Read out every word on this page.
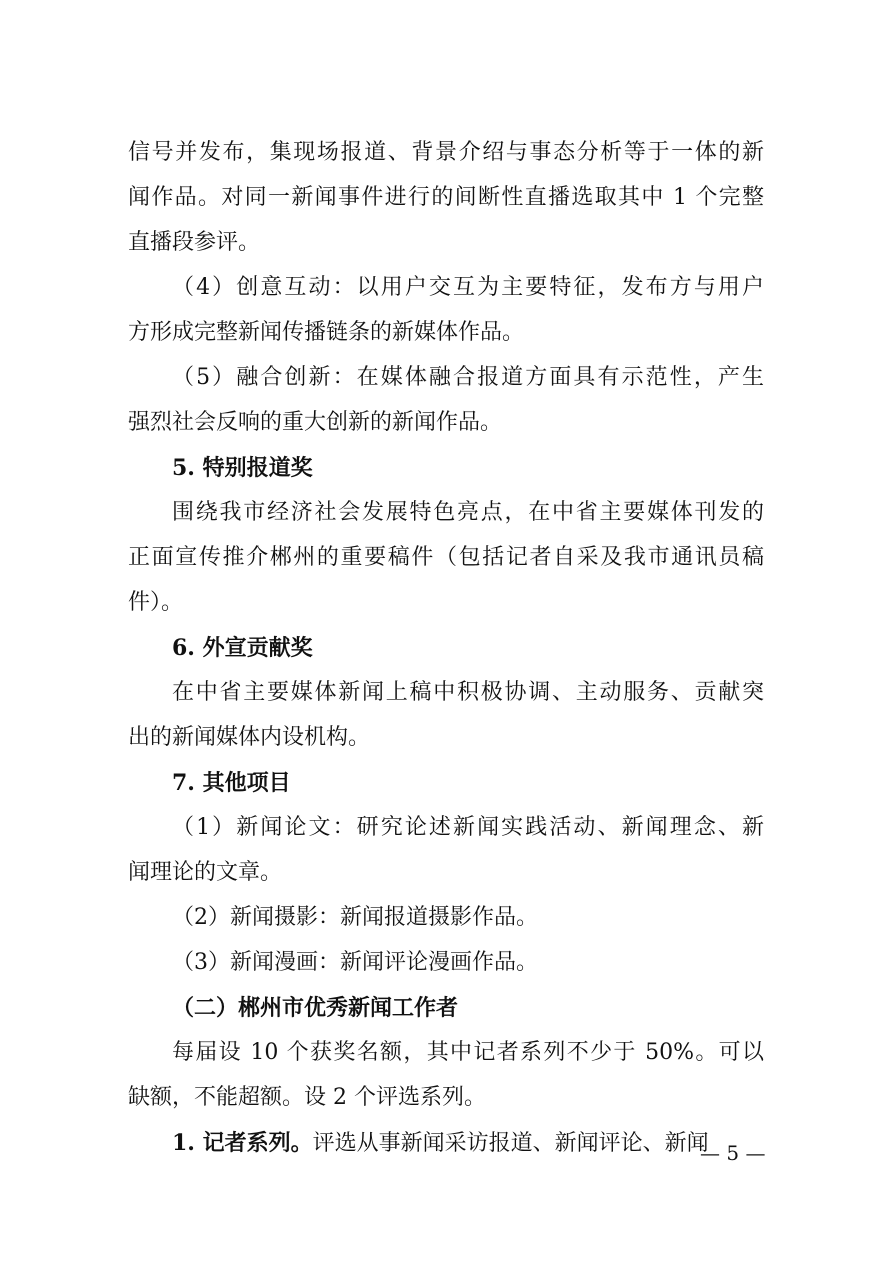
信号并发布，集现场报道、背景介绍与事态分析等于一体的新
闻作品。对同一新闻事件进行的间断性直播选取其中 1 个完整
直播段参评。
（4）创意互动：以用户交互为主要特征，发布方与用户
方形成完整新闻传播链条的新媒体作品。
（5）融合创新：在媒体融合报道方面具有示范性，产生
强烈社会反响的重大创新的新闻作品。
5. 特别报道奖
围绕我市经济社会发展特色亮点，在中省主要媒体刊发的
正面宣传推介郴州的重要稿件（包括记者自采及我市通讯员稿
件）。
6. 外宣贡献奖
在中省主要媒体新闻上稿中积极协调、主动服务、贡献突
出的新闻媒体内设机构。
7. 其他项目
（1）新闻论文：研究论述新闻实践活动、新闻理念、新
闻理论的文章。
（2）新闻摄影：新闻报道摄影作品。
（3）新闻漫画：新闻评论漫画作品。
（二）郴州市优秀新闻工作者
每届设 10 个获奖名额，其中记者系列不少于 50%。可以
缺额，不能超额。设 2 个评选系列。
1. 记者系列。评选从事新闻采访报道、新闻评论、新闻
— 5 —
